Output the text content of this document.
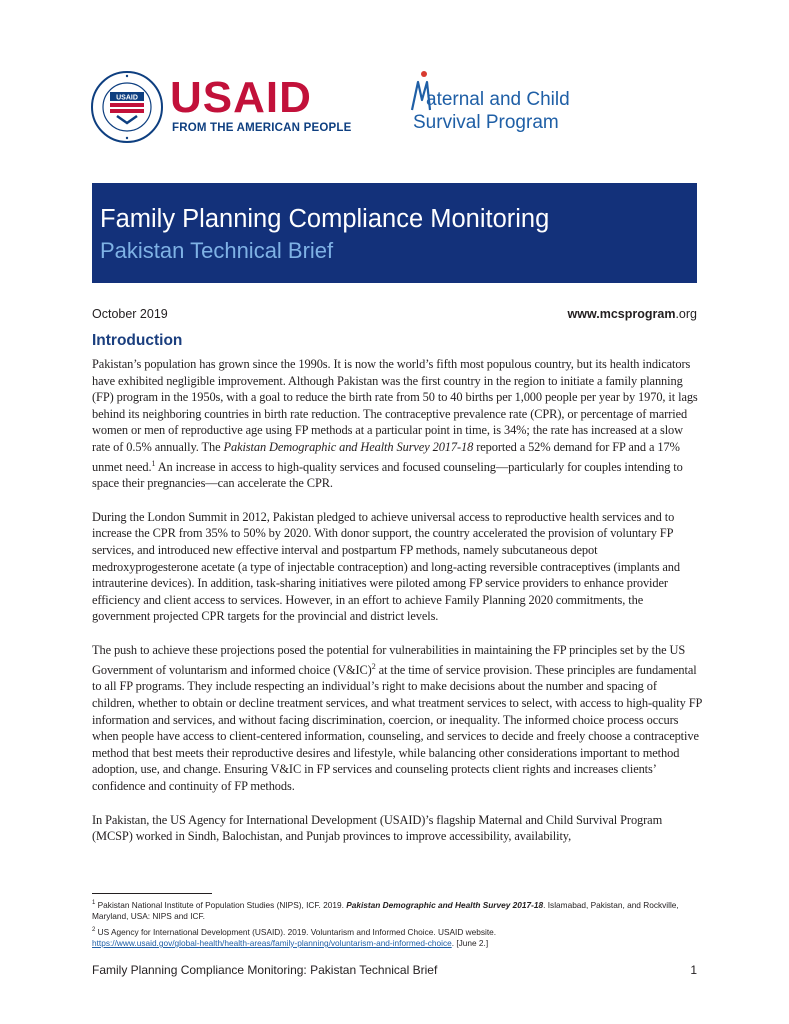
USAID USAID

FROM THE AMERICAN PEOPLE

aternal and Child

Survival Program

Family Planning Compliance Monitoring
Pakistan Technical Brief

October 2019	www.mcsprogram.org

Introduction

Pakistan’s population has grown since the 1990s. It is now the world’s fifth most populous country, but its health indicators have exhibited negligible improvement. Although Pakistan was the first country in the region to initiate a family planning (FP) program in the 1950s, with a goal to reduce the birth rate from 50 to 40 births per 1,000 people per year by 1970, it lags behind its neighboring countries in birth rate reduction. The contraceptive prevalence rate (CPR), or percentage of married women or men of reproductive age using FP methods at a particular point in time, is 34%; the rate has increased at a slow rate of 0.5% annually. The Pakistan Demographic and Health Survey 2017-18 reported a 52% demand for FP and a 17% unmet need.$^1$ An increase in access to high-quality services and focused counseling—particularly for couples intending to space their pregnancies—can accelerate the CPR.

During the London Summit in 2012, Pakistan pledged to achieve universal access to reproductive health services and to increase the CPR from 35% to 50% by 2020. With donor support, the country accelerated the provision of voluntary FP services, and introduced new effective interval and postpartum FP methods, namely subcutaneous depot medroxyprogesterone acetate (a type of injectable contraception) and long-acting reversible contraceptives (implants and intrauterine devices). In addition, task-sharing initiatives were piloted among FP service providers to enhance provider efficiency and client access to services. However, in an effort to achieve Family Planning 2020 commitments, the government projected CPR targets for the provincial and district levels.

The push to achieve these projections posed the potential for vulnerabilities in maintaining the FP principles set by the US Government of voluntarism and informed choice (V&IC)$^2$ at the time of service provision. These principles are fundamental to all FP programs. They include respecting an individual’s right to make decisions about the number and spacing of children, whether to obtain or decline treatment services, and what treatment services to select, with access to high-quality FP information and services, and without facing discrimination, coercion, or inequality. The informed choice process occurs when people have access to client-centered information, counseling, and services to decide and freely choose a contraceptive method that best meets their reproductive desires and lifestyle, while balancing other considerations important to method adoption, use, and change. Ensuring V&IC in FP services and counseling protects client rights and increases clients’ confidence and continuity of FP methods.

In Pakistan, the US Agency for International Development (USAID)’s flagship Maternal and Child Survival Program (MCSP) worked in Sindh, Balochistan, and Punjab provinces to improve accessibility, availability,

$^1$ Pakistan National Institute of Population Studies (NIPS), ICF. 2019. Pakistan Demographic and Health Survey 2017-18. Islamabad, Pakistan, and Rockville, Maryland, USA: NIPS and ICF.

$^2$ US Agency for International Development (USAID). 2019. Voluntarism and Informed Choice. USAID website.
https://www.usaid.gov/global-health/health-areas/family-planning/voluntarism-and-informed-choice. [June 2.]

Family Planning Compliance Monitoring: Pakistan Technical Brief	1
